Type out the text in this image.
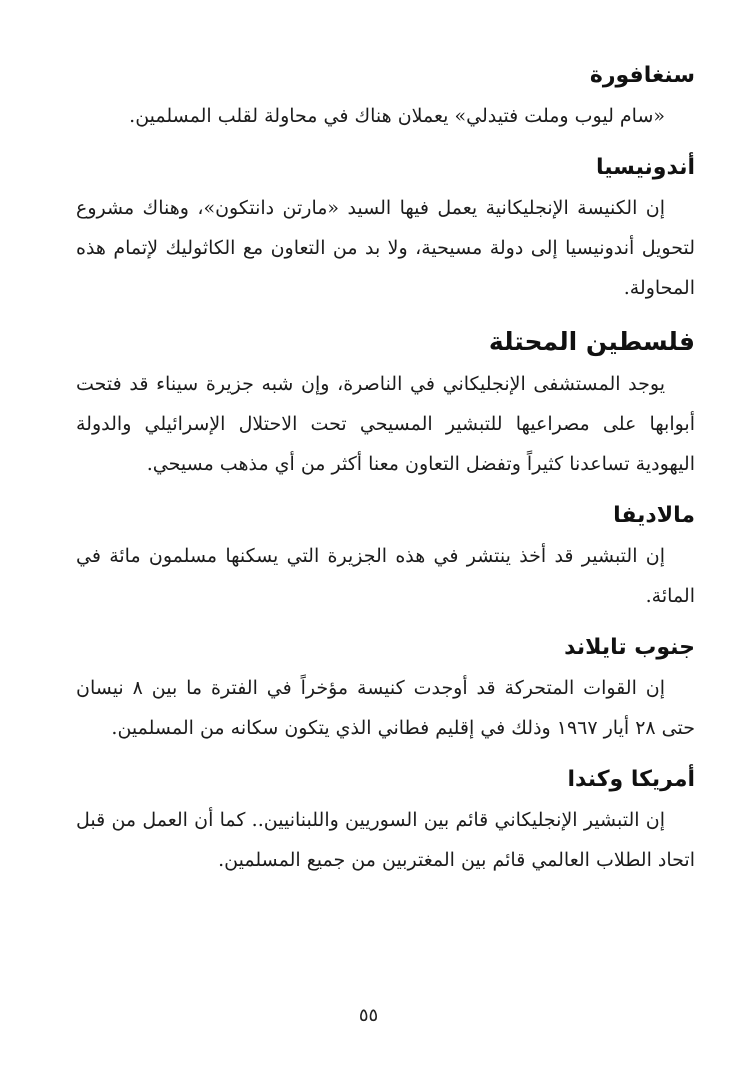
سنغافورة

«سام ليوب وملت فتيدلي» يعملان هناك في محاولة لقلب المسلمين.

أندونيسيا

إن الكنيسة الإنجليكانية يعمل فيها السيد «مارتن دانتكون»، وهناك مشروع لتحويل أندونيسيا إلى دولة مسيحية، ولا بد من التعاون مع الكاثوليك لإتمام هذه المحاولة.

فلسطين المحتلة

يوجد المستشفى الإنجليكاني في الناصرة، وإن شبه جزيرة سيناء قد فتحت أبوابها على مصراعيها للتبشير المسيحي تحت الاحتلال الإسرائيلي والدولة اليهودية تساعدنا كثيراً وتفضل التعاون معنا أكثر من أي مذهب مسيحي.

مالاديفا

إن التبشير قد أخذ ينتشر في هذه الجزيرة التي يسكنها مسلمون مائة في المائة.

جنوب تايلاند

إن القوات المتحركة قد أوجدت كنيسة مؤخراً في الفترة ما بين ٨ نيسان حتى ٢٨ أيار ١٩٦٧ وذلك في إقليم فطاني الذي يتكون سكانه من المسلمين.

أمريكا وكندا

إن التبشير الإنجليكاني قائم بين السوريين واللبنانيين.. كما أن العمل من قبل اتحاد الطلاب العالمي قائم بين المغتربين من جميع المسلمين.

٥٥
